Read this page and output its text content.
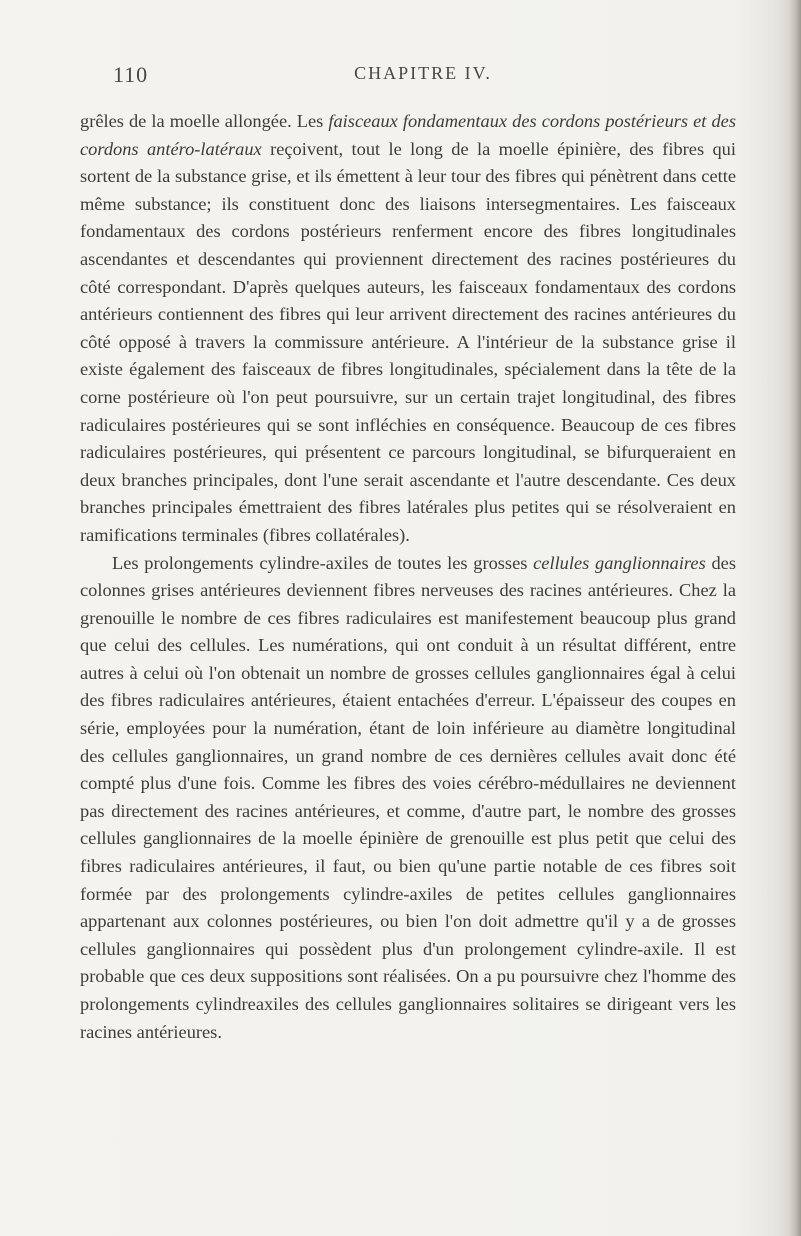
110	CHAPITRE IV.

grêles de la moelle allongée. Les faisceaux fondamentaux des cordons postérieurs et des cordons antéro-latéraux reçoivent, tout le long de la moelle épinière, des fibres qui sortent de la substance grise, et ils émettent à leur tour des fibres qui pénètrent dans cette même substance; ils constituent donc des liaisons intersegmentaires. Les faisceaux fondamentaux des cordons postérieurs renferment encore des fibres longitudinales ascendantes et descendantes qui proviennent directement des racines postérieures du côté correspondant. D'après quelques auteurs, les faisceaux fondamentaux des cordons antérieurs contiennent des fibres qui leur arrivent directement des racines antérieures du côté opposé à travers la commissure antérieure. A l'intérieur de la substance grise il existe également des faisceaux de fibres longitudinales, spécialement dans la tête de la corne postérieure où l'on peut poursuivre, sur un certain trajet longitudinal, des fibres radiculaires postérieures qui se sont infléchies en conséquence. Beaucoup de ces fibres radiculaires postérieures, qui présentent ce parcours longitudinal, se bifurqueraient en deux branches principales, dont l'une serait ascendante et l'autre descendante. Ces deux branches principales émettraient des fibres latérales plus petites qui se résolveraient en ramifications terminales (fibres collatérales).

Les prolongements cylindre-axiles de toutes les grosses cellules ganglionnaires des colonnes grises antérieures deviennent fibres nerveuses des racines antérieures. Chez la grenouille le nombre de ces fibres radiculaires est manifestement beaucoup plus grand que celui des cellules. Les numérations, qui ont conduit à un résultat différent, entre autres à celui où l'on obtenait un nombre de grosses cellules ganglionnaires égal à celui des fibres radiculaires antérieures, étaient entachées d'erreur. L'épaisseur des coupes en série, employées pour la numération, étant de loin inférieure au diamètre longitudinal des cellules ganglionnaires, un grand nombre de ces dernières cellules avait donc été compté plus d'une fois. Comme les fibres des voies cérébro-médullaires ne deviennent pas directement des racines antérieures, et comme, d'autre part, le nombre des grosses cellules ganglionnaires de la moelle épinière de grenouille est plus petit que celui des fibres radiculaires antérieures, il faut, ou bien qu'une partie notable de ces fibres soit formée par des prolongements cylindre-axiles de petites cellules ganglionnaires appartenant aux colonnes postérieures, ou bien l'on doit admettre qu'il y a de grosses cellules ganglionnaires qui possèdent plus d'un prolongement cylindre-axile. Il est probable que ces deux suppositions sont réalisées. On a pu poursuivre chez l'homme des prolongements cylindreaxiles des cellules ganglionnaires solitaires se dirigeant vers les racines antérieures.
